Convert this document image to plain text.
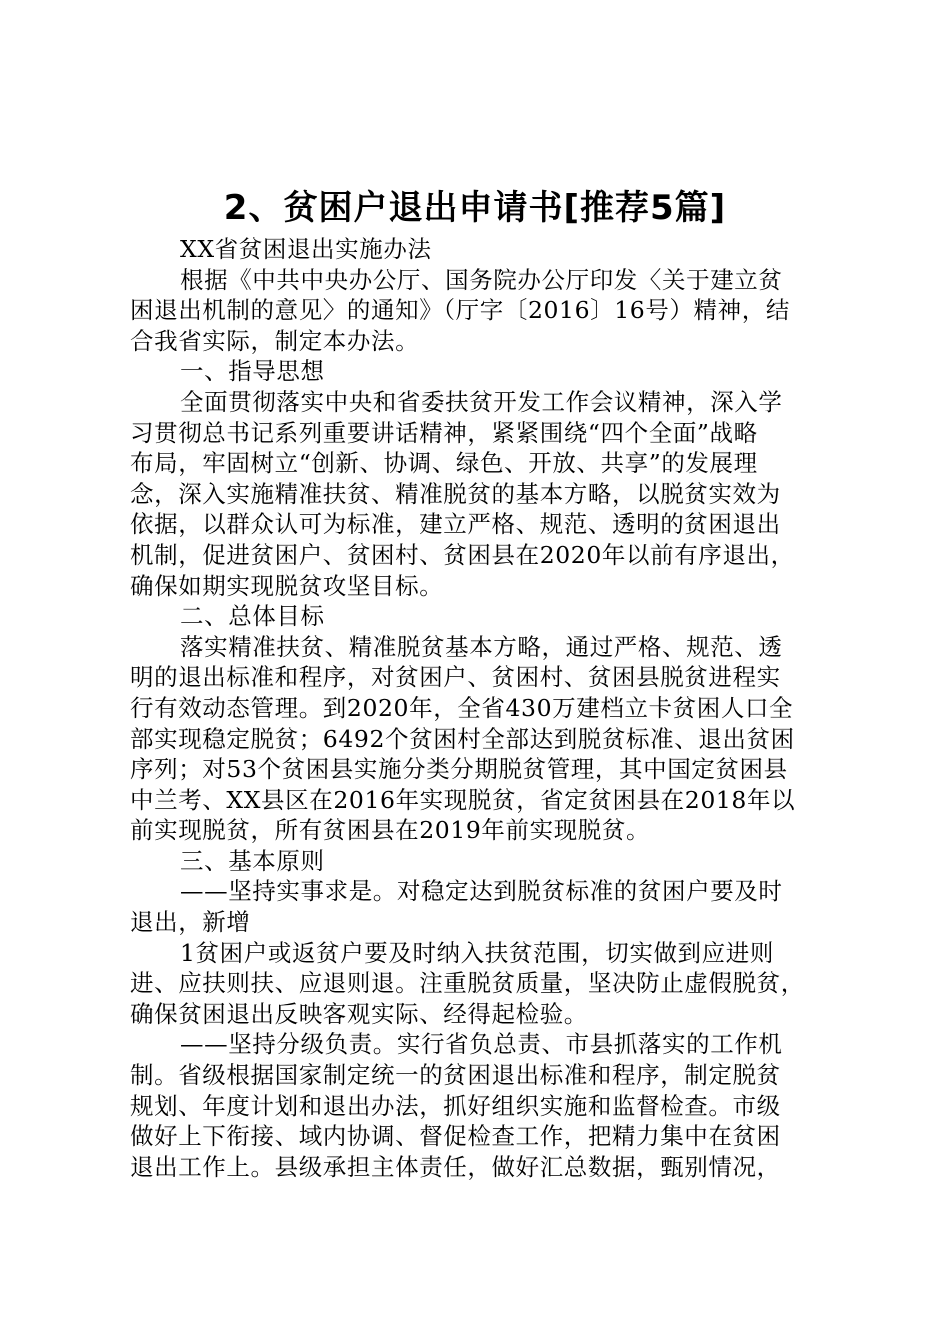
2、贫困户退出申请书[推荐5篇]
XX省贫困退出实施办法
根据《中共中央办公厅、国务院办公厅印发〈关于建立贫
困退出机制的意见〉的通知》（厅字〔2016〕16号）精神，结
合我省实际，制定本办法。
一、指导思想
全面贯彻落实中央和省委扶贫开发工作会议精神，深入学
习贯彻总书记系列重要讲话精神，紧紧围绕“四个全面”战略
布局，牢固树立“创新、协调、绿色、开放、共享”的发展理
念，深入实施精准扶贫、精准脱贫的基本方略，以脱贫实效为
依据，以群众认可为标准，建立严格、规范、透明的贫困退出
机制，促进贫困户、贫困村、贫困县在2020年以前有序退出，
确保如期实现脱贫攻坚目标。
二、总体目标
落实精准扶贫、精准脱贫基本方略，通过严格、规范、透
明的退出标准和程序，对贫困户、贫困村、贫困县脱贫进程实
行有效动态管理。到2020年，全省430万建档立卡贫困人口全
部实现稳定脱贫；6492个贫困村全部达到脱贫标准、退出贫困
序列；对53个贫困县实施分类分期脱贫管理，其中国定贫困县
中兰考、XX县区在2016年实现脱贫，省定贫困县在2018年以
前实现脱贫，所有贫困县在2019年前实现脱贫。
三、基本原则
——坚持实事求是。对稳定达到脱贫标准的贫困户要及时
退出，新增
1贫困户或返贫户要及时纳入扶贫范围，切实做到应进则
进、应扶则扶、应退则退。注重脱贫质量，坚决防止虚假脱贫，
确保贫困退出反映客观实际、经得起检验。
——坚持分级负责。实行省负总责、市县抓落实的工作机
制。省级根据国家制定统一的贫困退出标准和程序，制定脱贫
规划、年度计划和退出办法，抓好组织实施和监督检查。市级
做好上下衔接、域内协调、督促检查工作，把精力集中在贫困
退出工作上。县级承担主体责任，做好汇总数据，甄别情况，
